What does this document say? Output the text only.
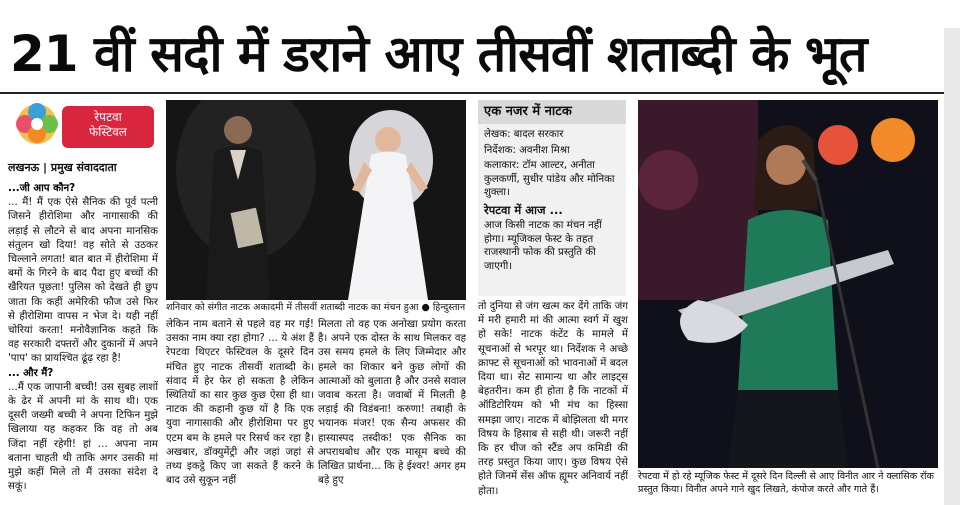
21 वीं सदी में डराने आए तीसवीं शताब्दी के भूत
रेपटवा
फेस्टिवल
लखनऊ | प्रमुख संवाददाता

...जी आप कौन?

... मैं! मैं एक ऐसे सैनिक की पूर्व पत्नी जिसने हीरोशिमा और नागासाकी की लड़ाई से लौटने से बाद अपना मानसिक संतुलन खो दिया! वह सोते से उठकर चिल्लाने लगता! बात बात में हीरोशिमा में बमों के गिरने के बाद पैदा हुए बच्चों की खैरियत पूछता! पुलिस को देखते ही छुप जाता कि कहीं अमेरिकी फौज उसे फिर से हीरोशिमा वापस न भेज दे। यही नहीं चोरियां करता! मनोवैज्ञानिक कहते कि वह सरकारी दफ्तरों और दुकानों में अपने 'पाप' का प्रायश्चित ढूंढ़ रहा है!

... और मैं?

...मैं एक जापानी बच्ची! उस सुबह लाशों के ढेर में अपनी मां के साथ थी। एक दूसरी जख्मी बच्ची ने अपना टिफिन मुझे खिलाया यह कहकर कि वह तो अब जिंदा नहीं रहेगी! हां ... अपना नाम बताना चाहती थी ताकि अगर उसकी मां मुझे कहीं मिले तो मैं उसका संदेश दे सकूं।

शनिवार को संगीत नाटक अकादमी में तीसवीं शताब्दी नाटक का मंचन हुआ ● हिन्दुस्तान

लेकिन नाम बताने से पहले वह मर गई! उसका नाम क्या रहा होगा? ... ये अंश हैं रेपटवा थिएटर फेस्टिवल के दूसरे दिन मंचित हुए नाटक तीसवीं शताब्दी के। संवाद में हेर फेर हो सकता है लेकिन स्थितियों का सार कुछ कुछ ऐसा ही था। नाटक की कहानी कुछ यों है कि एक युवा नागासाकी और हीरोशिमा पर हुए एटम बम के हमले पर रिसर्च कर रहा है। अखबार, डॉक्युमेंट्री और जहां जहां से तथ्य इकट्ठे किए जा सकते हैं करने के बाद उसे सुकून नहीं

मिलता तो वह एक अनोखा प्रयोग करता है। अपने एक दोस्त के साथ मिलकर वह उस समय हमले के लिए जिम्मेदार और हमले का शिकार बने कुछ लोगों की आत्माओं को बुलाता है और उनसे सवाल जवाब करता है। जवाबों में मिलती है लड़ाई की विडंबना! करुणा! तबाही के भयानक मंजर! एक सैन्य अफसर की हास्यास्पद तस्दीक! एक सैनिक का अपराधबोध और एक मासूम बच्चे की लिखित प्रार्थना... कि हे ईश्वर! अगर हम बड़े हुए

एक नजर में नाटक

लेखक: बादल सरकार

निर्देशक: अवनीश मिश्रा

कलाकार: टॉम आल्टर, अनीता कुलकर्णी, सुधीर पांडेय और मोनिका शुक्ला।

रेपटवा में आज ...

आज किसी नाटक का मंचन नहीं होगा। म्यूजिकल फेस्ट के तहत राजस्थानी फोक की प्रस्तुति की जाएगी।

तो दुनिया से जंग खत्म कर देंगे ताकि जंग में मरी हमारी मां की आत्मा स्वर्ग में खुश हो सके! नाटक कंटेंट के मामले में सूचनाओं से भरपूर था। निर्देशक ने अच्छे क्राफ्ट से सूचनाओं को भावनाओं में बदल दिया था। सेट सामान्य था और लाइट्स बेहतरीन। कम ही होता है कि नाटकों में ऑडिटोरियम को भी मंच का हिस्सा समझा जाए। नाटक में बोझिलता थी मगर विषय के हिसाब से सही थी। जरूरी नहीं कि हर चीज को स्टैंड अप कमिडी की तरह प्रस्तुत किया जाए। कुछ विषय ऐसे होते जिनमें सेंस ऑफ ह्यूमर अनिवार्य नहीं होता।

रेपटवा में हो रहे म्यूजिक फेस्ट में दूसरे दिन दिल्ली से आए विनीत आर ने क्लासिक रॉक प्रस्तुत किया। विनीत अपने गाने खुद लिखते, कंपोज करते और गाते हैं।
